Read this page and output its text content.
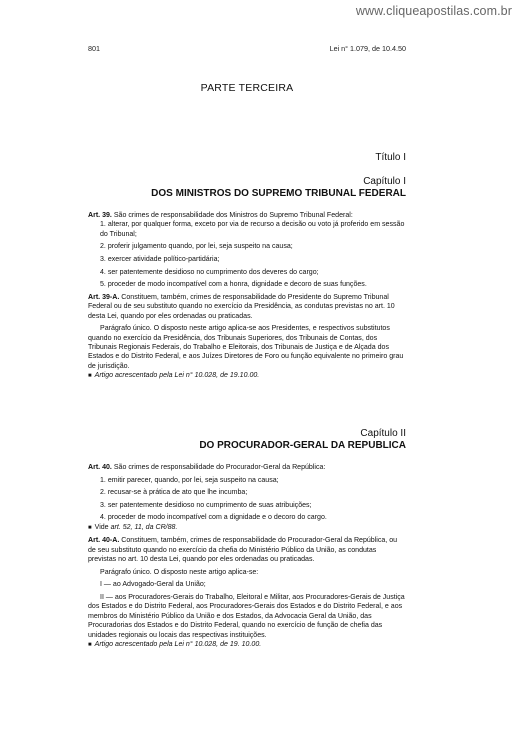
www.cliqueapostilas.com.br
801	Lei n° 1.079, de 10.4.50
PARTE TERCEIRA
Título I
Capítulo I
DOS MINISTROS DO SUPREMO TRIBUNAL FEDERAL

Art. 39. São crimes de responsabilidade dos Ministros do Supremo Tribunal Federal:

1. alterar, por qualquer forma, exceto por via de recurso a decisão ou voto já proferido em sessão do Tribunal;

2. proferir julgamento quando, por lei, seja suspeito na causa;

3. exercer atividade político-partidária;

4. ser patentemente desidioso no cumprimento dos deveres do cargo;

5. proceder de modo incompatível com a honra, dignidade e decoro de suas funções.

Art. 39-A. Constituem, também, crimes de responsabilidade do Presidente do Supremo Tribunal Federal ou de seu substituto quando no exercício da Presidência, as condutas previstas no art. 10 desta Lei, quando por eles ordenadas ou praticadas.

Parágrafo único. O disposto neste artigo aplica-se aos Presidentes, e respectivos substitutos quando no exercício da Presidência, dos Tribunais Superiores, dos Tribunais de Contas, dos Tribunais Regionais Federais, do Trabalho e Eleitorais, dos Tribunais de Justiça e de Alçada dos Estados e do Distrito Federal, e aos Juízes Diretores de Foro ou função equivalente no primeiro grau de jurisdição.

■ Artigo acrescentado pela Lei n° 10.028, de 19.10.00.

Capítulo II
DO PROCURADOR-GERAL DA REPUBLICA

Art. 40. São crimes de responsabilidade do Procurador-Geral da República:

1. emitir parecer, quando, por lei, seja suspeito na causa;

2. recusar-se à prática de ato que lhe incumba;

3. ser patentemente desidioso no cumprimento de suas atribuições;

4. proceder de modo incompatível com a dignidade e o decoro do cargo.

■ Vide art. 52, 11, da CR/88.

Art. 40-A. Constituem, também, crimes de responsabilidade do Procurador-Geral da República, ou de seu substituto quando no exercício da chefia do Ministério Público da União, as condutas previstas no art. 10 desta Lei, quando por eles ordenadas ou praticadas.

Parágrafo único. O disposto neste artigo aplica-se:

I — ao Advogado-Geral da União;

II — aos Procuradores-Gerais do Trabalho, Eleitoral e Militar, aos Procuradores-Gerais de Justiça dos Estados e do Distrito Federal, aos Procuradores-Gerais dos Estados e do Distrito Federal, e aos membros do Ministério Público da União e dos Estados, da Advocacia Geral da União, das Procuradorias dos Estados e do Distrito Federal, quando no exercício de função de chefia das unidades regionais ou locais das respectivas instituições.

■ Artigo acrescentado pela Lei n° 10.028, de 19. 10.00.
